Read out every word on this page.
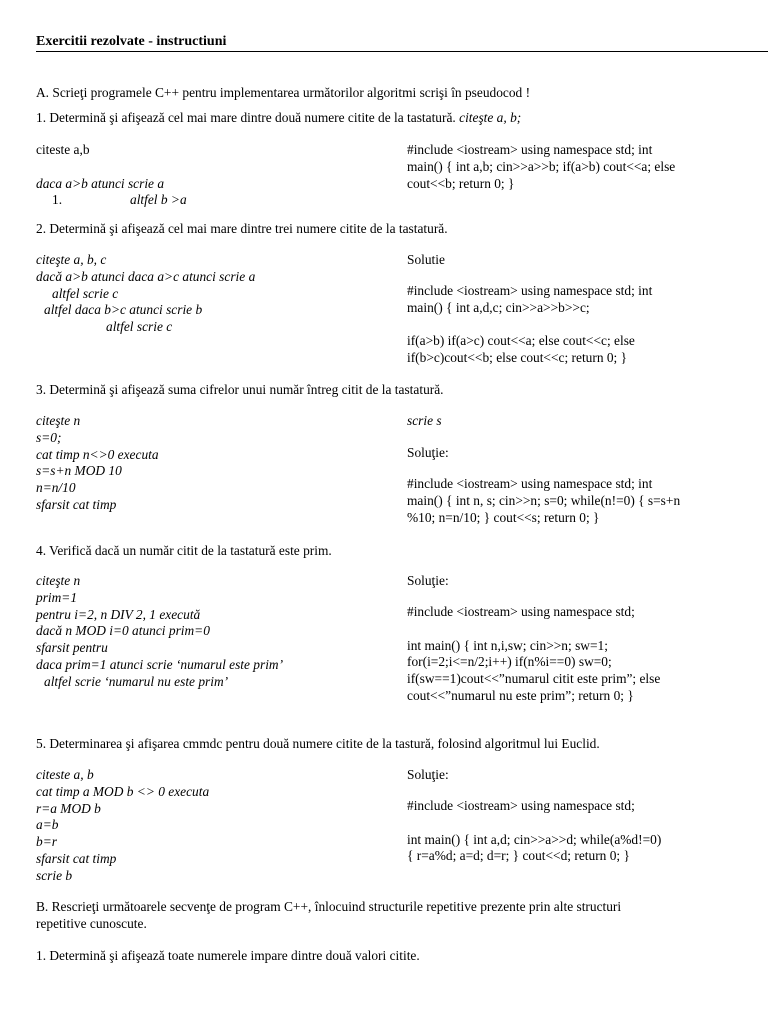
Exercitii rezolvate - instructiuni
A. Scrieţi programele C++ pentru implementarea următorilor algoritmi scrişi în pseudocod !
1. Determină şi afişează cel mai mare dintre două numere citite de la tastatură. citeşte a, b;
citeste a,b
daca a>b atunci scrie a
1.	altfel b >a
#include <iostream> using namespace std; int
main() { int a,b; cin>>a>>b; if(a>b) cout<<a; else
cout<<b; return 0; }
2. Determină şi afişează cel mai mare dintre trei numere citite de la tastatură.
citeşte a, b, c
dacă a>b atunci daca a>c atunci scrie a
altfel scrie c
altfel daca b>c atunci scrie b
altfel scrie c
Solutie
#include <iostream> using namespace std; int
main() { int a,d,c; cin>>a>>b>>c;
if(a>b) if(a>c) cout<<a; else cout<<c; else
if(b>c)cout<<b; else cout<<c; return 0; }
3. Determină şi afişează suma cifrelor unui număr întreg citit de la tastatură.
citeşte n
s=0;
cat timp n<>0 executa
s=s+n MOD 10
n=n/10
sfarsit cat timp
scrie s
Soluţie:
#include <iostream> using namespace std; int
main() { int n, s; cin>>n; s=0; while(n!=0) { s=s+n
%10; n=n/10; } cout<<s; return 0; }
4. Verifică dacă un număr citit de la tastatură este prim.
citeşte n
prim=1
pentru i=2, n DIV 2, 1 execută
dacă n MOD i=0 atunci prim=0
sfarsit pentru
daca prim=1 atunci scrie ‘numarul este prim’
altfel scrie ‘numarul nu este prim’
Soluţie:
#include <iostream> using namespace std;
int main() { int n,i,sw; cin>>n; sw=1;
for(i=2;i<=n/2;i++) if(n%i==0) sw=0;
if(sw==1)cout<<”numarul citit este prim”; else
cout<<”numarul nu este prim”; return 0; }
5. Determinarea şi afişarea cmmdc pentru două numere citite de la tastură, folosind algoritmul lui Euclid.
citeste a, b
cat timp a MOD b <> 0 executa
r=a MOD b
a=b
b=r
sfarsit cat timp
scrie b
Soluţie:
#include <iostream> using namespace std;
int main() { int a,d; cin>>a>>d; while(a%d!=0)
{ r=a%d; a=d; d=r; } cout<<d; return 0; }
B. Rescrieţi următoarele secvenţe de program C++, înlocuind structurile repetitive prezente prin alte structuri
repetitive cunoscute.
1. Determină şi afişează toate numerele impare dintre două valori citite.
